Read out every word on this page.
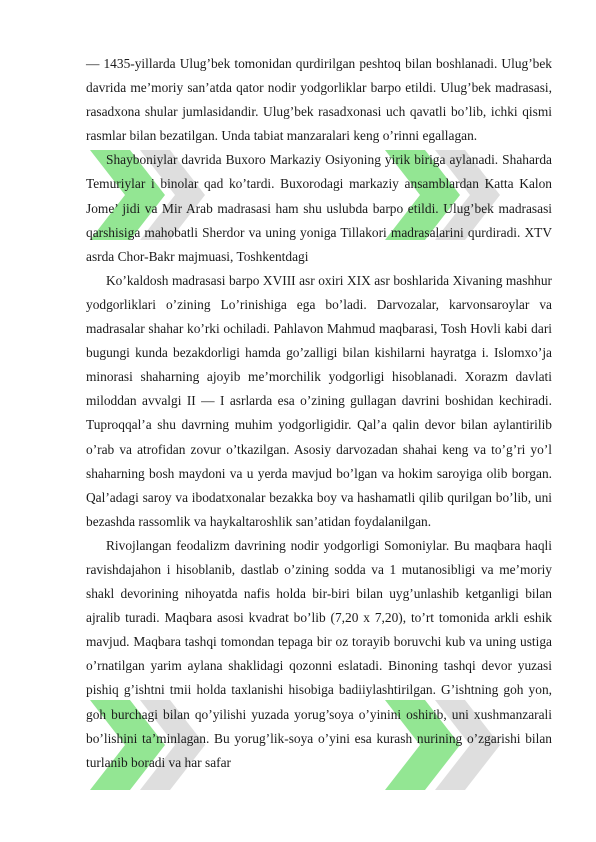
— 1435-yillarda Ulug’bek tomonidan qurdirilgan peshtoq bilan boshlanadi. Ulug’bek davrida me’moriy san’atda qator nodir yodgorliklar barpo etildi. Ulug’bek madrasasi, rasadxona shular jumlasidandir. Ulug’bek rasadxonasi uch qavatli bo’lib, ichki qismi rasmlar bilan bezatilgan. Unda tabiat manzaralari keng o’rinni egallagan.

Shayboniylar davrida Buxoro Markaziy Osiyoning yirik biriga aylanadi. Shaharda Temuriylar i binolar qad ko’tardi. Buxorodagi markaziy ansamblardan Katta Kalon Jome’ jidi va Mir Arab madrasasi ham shu uslubda barpo etildi. Ulug’bek madrasasi qarshisiga mahobatli Sherdor va uning yoniga Tillakori madrasalarini qurdiradi. XTV asrda Chor-Bakr majmuasi, Toshkentdagi

Ko’kaldosh madrasasi barpo XVIII asr oxiri XIX asr boshlarida Xivaning mashhur yodgorliklari o’zining Lo’rinishiga ega bo’ladi. Darvozalar, karvonsaroylar va madrasalar shahar ko’rki ochiladi. Pahlavon Mahmud maqbarasi, Tosh Hovli kabi dari bugungi kunda bezakdorligi hamda go’zalligi bilan kishilarni hayratga i. Islomxo’ja minorasi shaharning ajoyib me’morchilik yodgorligi hisoblanadi. Xorazm davlati miloddan avvalgi II — I asrlarda esa o’zining gullagan davrini boshidan kechiradi. Tuproqqal’a shu davrning muhim yodgorligidir. Qal’a qalin devor bilan aylantirilib o’rab va atrofidan zovur o’tkazilgan. Asosiy darvozadan shahai keng va to’g’ri yo’l shaharning bosh maydoni va u yerda mavjud bo’lgan va hokim saroyiga olib borgan. Qal’adagi saroy va ibodatxonalar bezakka boy va hashamatli qilib qurilgan bo’lib, uni bezashda rassomlik va haykaltaroshlik san’atidan foydalanilgan.

Rivojlangan feodalizm davrining nodir yodgorligi Somoniylar. Bu maqbara haqli ravishdajahon i hisoblanib, dastlab o’zining sodda va 1 mutanosibligi va me’moriy shakl devorining nihoyatda nafis holda bir-biri bilan uyg’unlashib ketganligi bilan ajralib turadi. Maqbara asosi kvadrat bo’lib (7,20 x 7,20), to’rt tomonida arkli eshik mavjud. Maqbara tashqi tomondan tepaga bir oz torayib boruvchi kub va uning ustiga o’rnatilgan yarim aylana shaklidagi qozonni eslatadi. Binoning tashqi devor yuzasi pishiq g’ishtni tmii holda taxlanishi hisobiga badiiylashtirilgan. G’ishtning goh yon, goh burchagi bilan qo’yilishi yuzada yorug’soya o’yinini oshirib, uni xushmanzarali bo’lishini ta’minlagan. Bu yorug’lik-soya o’yini esa kurash nurining o’zgarishi bilan turlanib boradi va har safar
